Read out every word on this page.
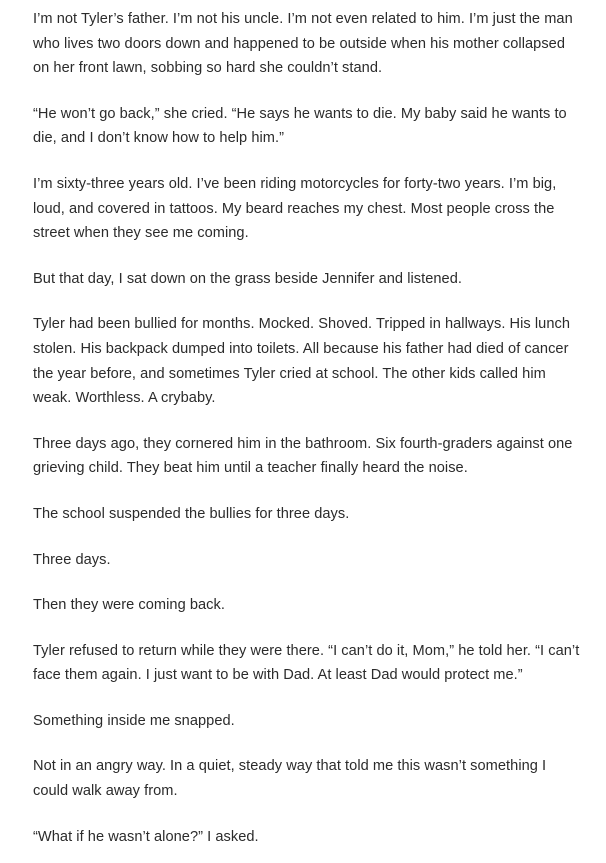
I’m not Tyler’s father. I’m not his uncle. I’m not even related to him. I’m just the man who lives two doors down and happened to be outside when his mother collapsed on her front lawn, sobbing so hard she couldn’t stand.

“He won’t go back,” she cried. “He says he wants to die. My baby said he wants to die, and I don’t know how to help him.”

I’m sixty-three years old. I’ve been riding motorcycles for forty-two years. I’m big, loud, and covered in tattoos. My beard reaches my chest. Most people cross the street when they see me coming.

But that day, I sat down on the grass beside Jennifer and listened.

Tyler had been bullied for months. Mocked. Shoved. Tripped in hallways. His lunch stolen. His backpack dumped into toilets. All because his father had died of cancer the year before, and sometimes Tyler cried at school. The other kids called him weak. Worthless. A crybaby.

Three days ago, they cornered him in the bathroom. Six fourth-graders against one grieving child. They beat him until a teacher finally heard the noise.

The school suspended the bullies for three days.

Three days.

Then they were coming back.

Tyler refused to return while they were there. “I can’t do it, Mom,” he told her. “I can’t face them again. I just want to be with Dad. At least Dad would protect me.”

Something inside me snapped.

Not in an angry way. In a quiet, steady way that told me this wasn’t something I could walk away from.

“What if he wasn’t alone?” I asked.
